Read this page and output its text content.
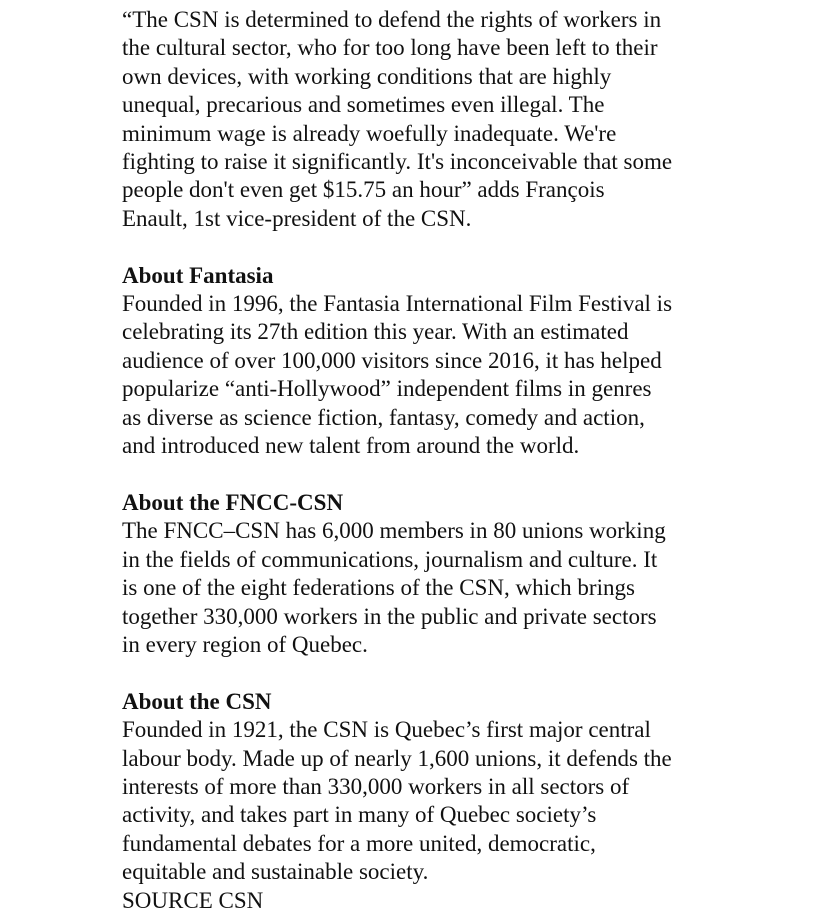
“The CSN is determined to defend the rights of workers in
the cultural sector, who for too long have been left to their
own devices, with working conditions that are highly
unequal, precarious and sometimes even illegal. The
minimum wage is already woefully inadequate. We're
fighting to raise it significantly. It's inconceivable that some
people don't even get $15.75 an hour” adds François
Enault, 1st vice-president of the CSN.

About Fantasia

Founded in 1996, the Fantasia International Film Festival is
celebrating its 27th edition this year. With an estimated
audience of over 100,000 visitors since 2016, it has helped
popularize “anti-Hollywood” independent films in genres
as diverse as science fiction, fantasy, comedy and action,
and introduced new talent from around the world.

About the FNCC-CSN

The FNCC–CSN has 6,000 members in 80 unions working
in the fields of communications, journalism and culture. It
is one of the eight federations of the CSN, which brings
together 330,000 workers in the public and private sectors
in every region of Quebec.

About the CSN

Founded in 1921, the CSN is Quebec’s first major central
labour body. Made up of nearly 1,600 unions, it defends the
interests of more than 330,000 workers in all sectors of
activity, and takes part in many of Quebec society’s
fundamental debates for a more united, democratic,
equitable and sustainable society.

SOURCE CSN
